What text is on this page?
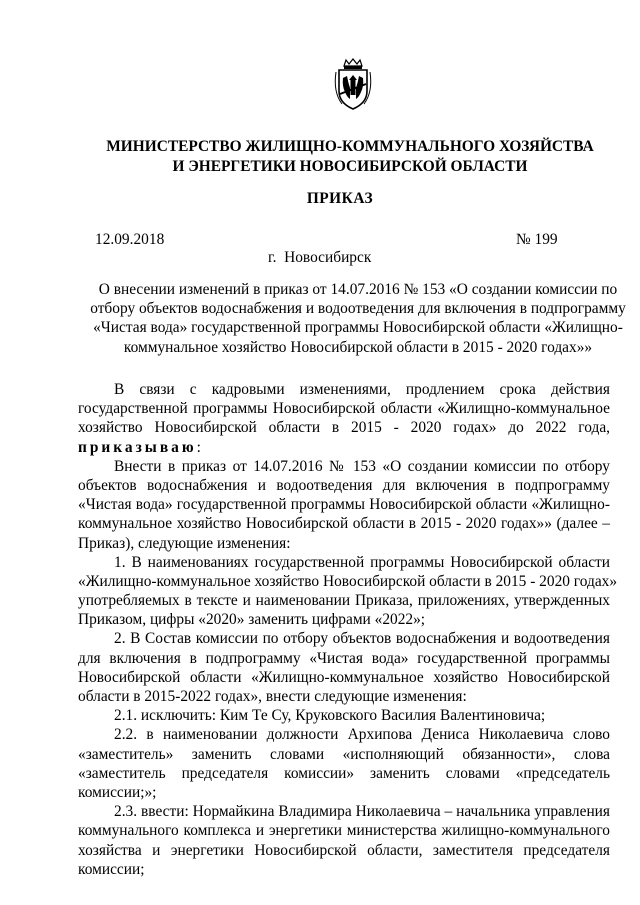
МИНИСТЕРСТВО ЖИЛИЩНО-КОММУНАЛЬНОГО ХОЗЯЙСТВА
И ЭНЕРГЕТИКИ НОВОСИБИРСКОЙ ОБЛАСТИ
ПРИКАЗ
12.09.2018	№ 199
г.  Новосибирск
О внесении изменений в приказ от 14.07.2016 № 153 «О создании комиссии по
отбору объектов водоснабжения и водоотведения для включения в подпрограмму
«Чистая вода» государственной программы Новосибирской области «Жилищно-
коммунальное хозяйство Новосибирской области в 2015 - 2020 годах»»
В связи с кадровыми изменениями, продлением срока действия
государственной программы Новосибирской области «Жилищно-коммунальное
хозяйство Новосибирской области в 2015 - 2020 годах» до 2022 года,
приказываю:
Внести в приказ от 14.07.2016 № 153 «О создании комиссии по отбору
объектов водоснабжения и водоотведения для включения в подпрограмму
«Чистая вода» государственной программы Новосибирской области «Жилищно-
коммунальное хозяйство Новосибирской области в 2015 - 2020 годах»» (далее –
Приказ), следующие изменения:
1. В наименованиях государственной программы Новосибирской области
«Жилищно-коммунальное хозяйство Новосибирской области в 2015 - 2020 годах»
употребляемых в тексте и наименовании Приказа, приложениях, утвержденных
Приказом, цифры «2020» заменить цифрами «2022»;
2. В Состав комиссии по отбору объектов водоснабжения и водоотведения
для включения в подпрограмму «Чистая вода» государственной программы
Новосибирской области «Жилищно-коммунальное хозяйство Новосибирской
области в 2015-2022 годах», внести следующие изменения:
2.1. исключить: Ким Те Су, Круковского Василия Валентиновича;
2.2. в наименовании должности Архипова Дениса Николаевича слово
«заместитель» заменить словами «исполняющий обязанности», слова
«заместитель председателя комиссии» заменить словами «председатель
комиссии;»;
2.3. ввести: Нормайкина Владимира Николаевича – начальника управления
коммунального комплекса и энергетики министерства жилищно-коммунального
хозяйства и энергетики Новосибирской области, заместителя председателя
комиссии;
